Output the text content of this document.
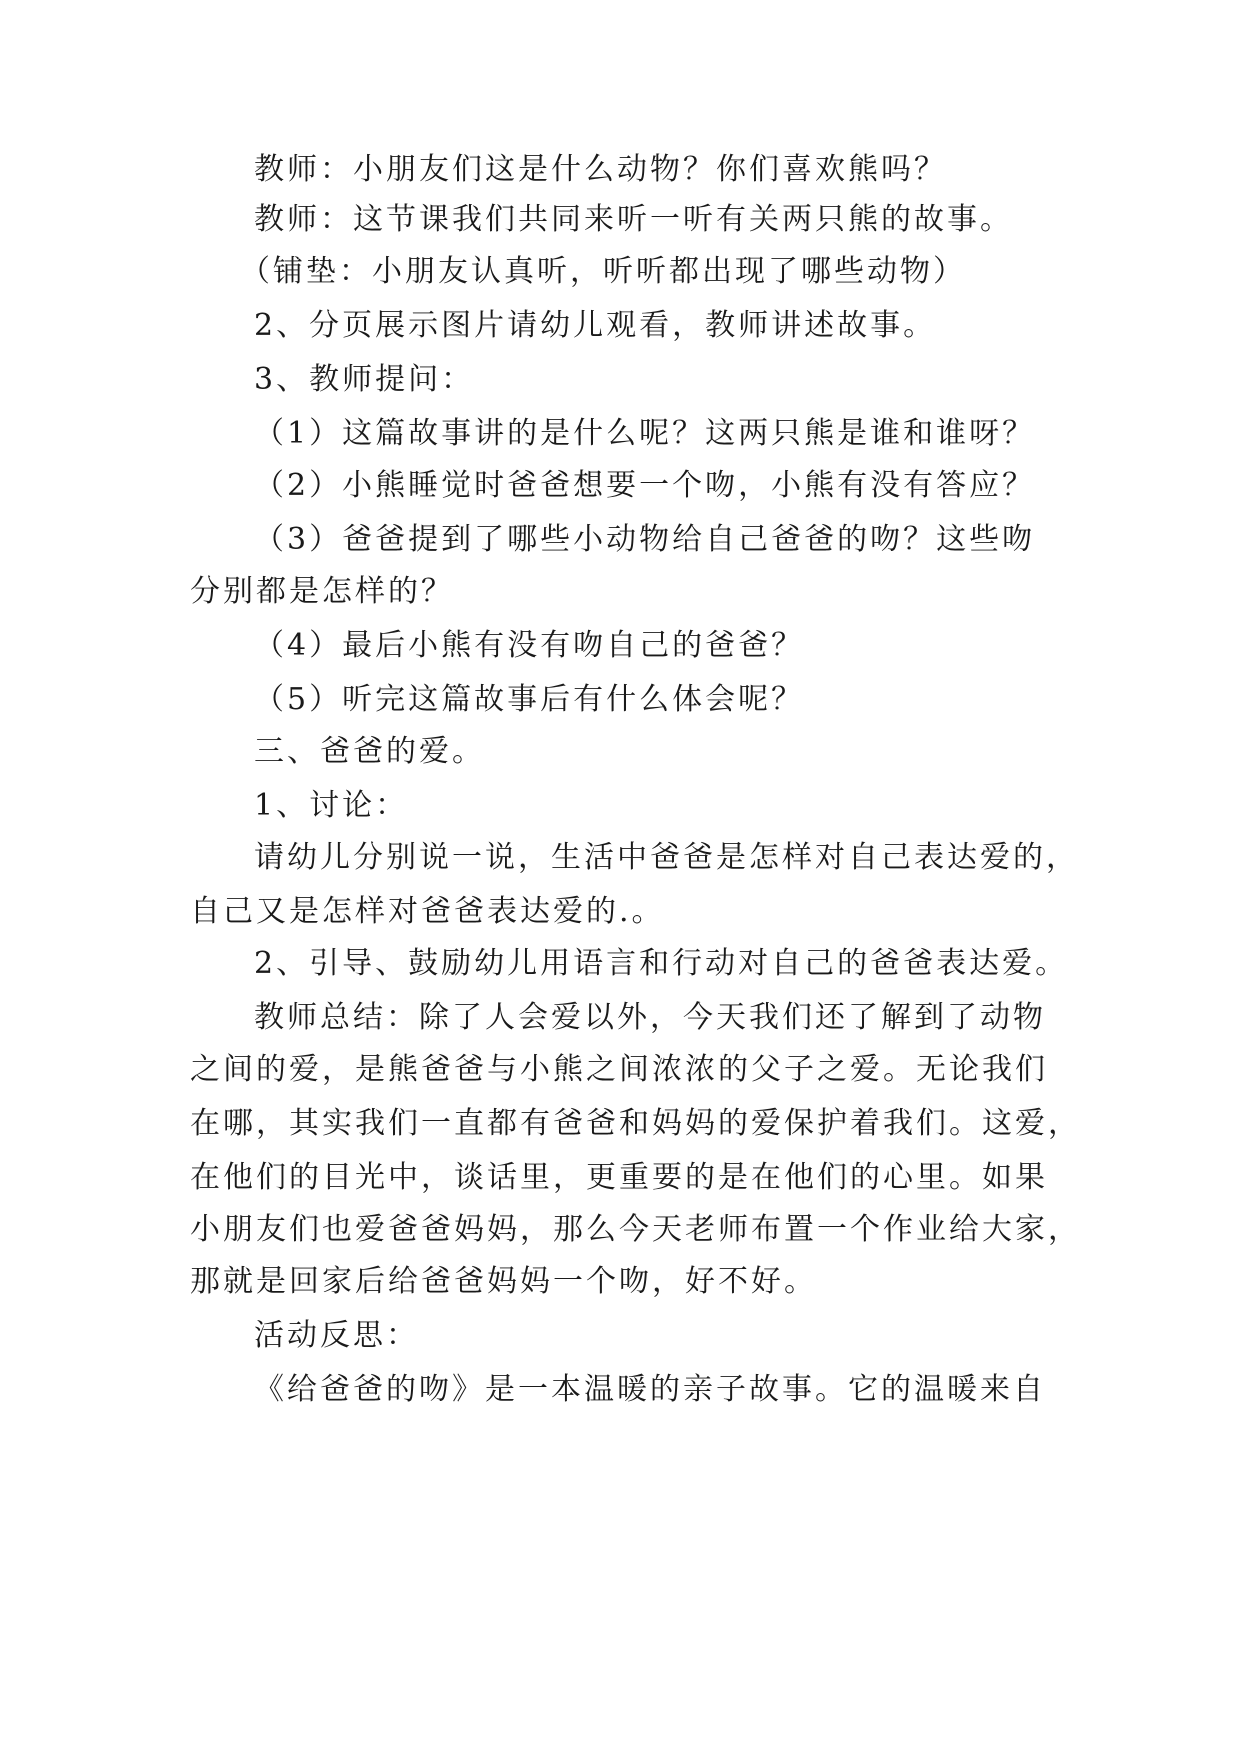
教师：小朋友们这是什么动物？你们喜欢熊吗？
教师：这节课我们共同来听一听有关两只熊的故事。
（铺垫：小朋友认真听，听听都出现了哪些动物）
2、分页展示图片请幼儿观看，教师讲述故事。
3、教师提问：
（1）这篇故事讲的是什么呢？这两只熊是谁和谁呀？
（2）小熊睡觉时爸爸想要一个吻，小熊有没有答应？
（3）爸爸提到了哪些小动物给自己爸爸的吻？这些吻
分别都是怎样的？
（4）最后小熊有没有吻自己的爸爸？
（5）听完这篇故事后有什么体会呢？
三、爸爸的爱。
1、讨论：
请幼儿分别说一说，生活中爸爸是怎样对自己表达爱的，
自己又是怎样对爸爸表达爱的.。
2、引导、鼓励幼儿用语言和行动对自己的爸爸表达爱。
教师总结：除了人会爱以外，今天我们还了解到了动物
之间的爱，是熊爸爸与小熊之间浓浓的父子之爱。无论我们
在哪，其实我们一直都有爸爸和妈妈的爱保护着我们。这爱，
在他们的目光中，谈话里，更重要的是在他们的心里。如果
小朋友们也爱爸爸妈妈，那么今天老师布置一个作业给大家，
那就是回家后给爸爸妈妈一个吻，好不好。
活动反思：
《给爸爸的吻》是一本温暖的亲子故事。它的温暖来自
